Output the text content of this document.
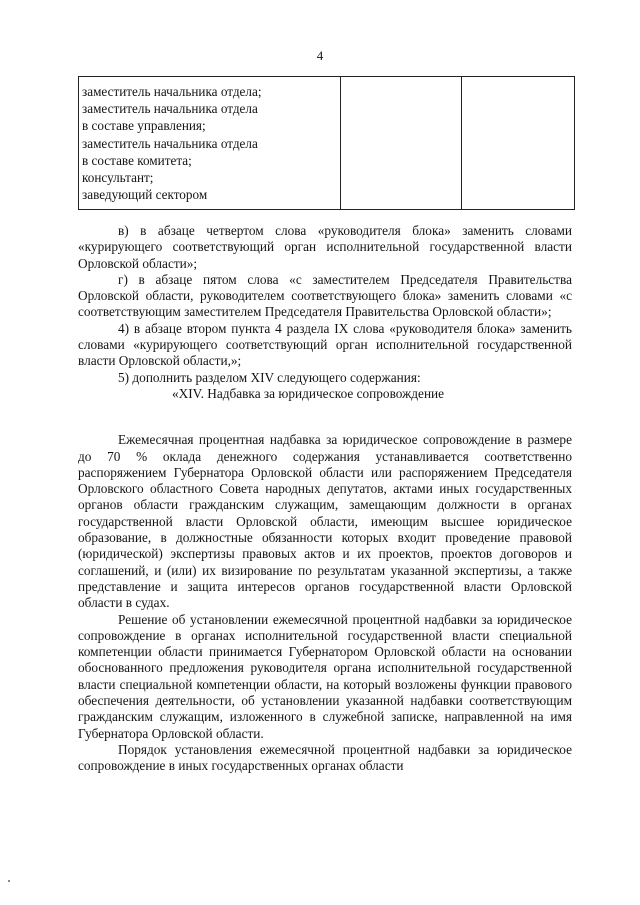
4
заместитель начальника отдела;
заместитель начальника отдела
в составе управления;
заместитель начальника отдела
в составе комитета;
консультант;
заведующий сектором

в) в абзаце четвертом слова «руководителя блока» заменить словами «курирующего соответствующий орган исполнительной государственной власти Орловской области»;

г) в абзаце пятом слова «с заместителем Председателя Правительства Орловской области, руководителем соответствующего блока» заменить словами «с соответствующим заместителем Председателя Правительства Орловской области»;

4) в абзаце втором пункта 4 раздела IX слова «руководителя блока» заменить словами «курирующего соответствующий орган исполнительной государственной власти Орловской области,»;

5) дополнить разделом XIV следующего содержания:

«XIV. Надбавка за юридическое сопровождение

Ежемесячная процентная надбавка за юридическое сопровождение в размере до 70 % оклада денежного содержания устанавливается соответственно распоряжением Губернатора Орловской области или распоряжением Председателя Орловского областного Совета народных депутатов, актами иных государственных органов области гражданским служащим, замещающим должности в органах государственной власти Орловской области, имеющим высшее юридическое образование, в должностные обязанности которых входит проведение правовой (юридической) экспертизы правовых актов и их проектов, проектов договоров и соглашений, и (или) их визирование по результатам указанной экспертизы, а также представление и защита интересов органов государственной власти Орловской области в судах.

Решение об установлении ежемесячной процентной надбавки за юридическое сопровождение в органах исполнительной государственной власти специальной компетенции области принимается Губернатором Орловской области на основании обоснованного предложения руководителя органа исполнительной государственной власти специальной компетенции области, на который возложены функции правового обеспечения деятельности, об установлении указанной надбавки соответствующим гражданским служащим, изложенного в служебной записке, направленной на имя Губернатора Орловской области.

Порядок установления ежемесячной процентной надбавки за юридическое сопровождение в иных государственных органах области
